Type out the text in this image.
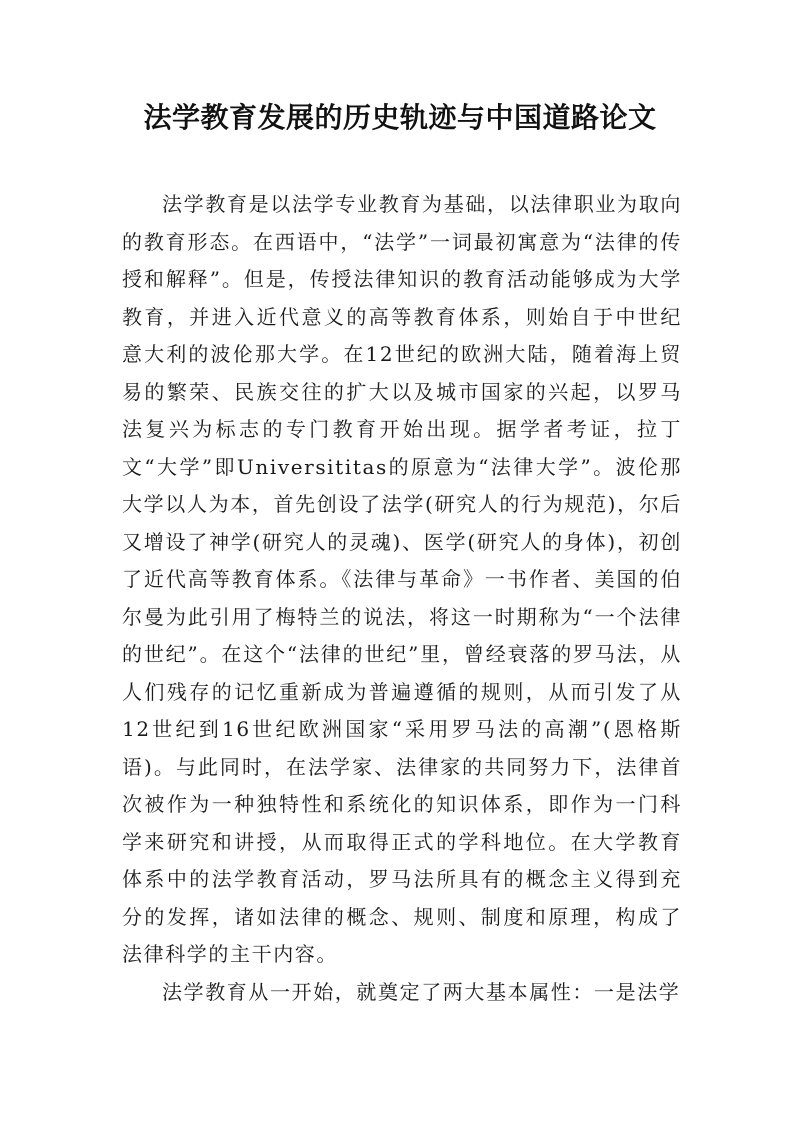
法学教育发展的历史轨迹与中国道路论文

法学教育是以法学专业教育为基础，以法律职业为取向的教育形态。在西语中，“法学”一词最初寓意为“法律的传授和解释”。但是，传授法律知识的教育活动能够成为大学教育，并进入近代意义的高等教育体系，则始自于中世纪意大利的波伦那大学。在12世纪的欧洲大陆，随着海上贸易的繁荣、民族交往的扩大以及城市国家的兴起，以罗马法复兴为标志的专门教育开始出现。据学者考证，拉丁文“大学”即Universititas的原意为“法律大学”。波伦那大学以人为本，首先创设了法学(研究人的行为规范)，尔后又增设了神学(研究人的灵魂)、医学(研究人的身体)，初创了近代高等教育体系。《法律与革命》一书作者、美国的伯尔曼为此引用了梅特兰的说法，将这一时期称为“一个法律的世纪”。在这个“法律的世纪”里，曾经衰落的罗马法，从人们残存的记忆重新成为普遍遵循的规则，从而引发了从12世纪到16世纪欧洲国家“采用罗马法的高潮”(恩格斯语)。与此同时，在法学家、法律家的共同努力下，法律首次被作为一种独特性和系统化的知识体系，即作为一门科学来研究和讲授，从而取得正式的学科地位。在大学教育体系中的法学教育活动，罗马法所具有的概念主义得到充分的发挥，诸如法律的概念、规则、制度和原理，构成了法律科学的主干内容。

法学教育从一开始，就奠定了两大基本属性：一是法学
